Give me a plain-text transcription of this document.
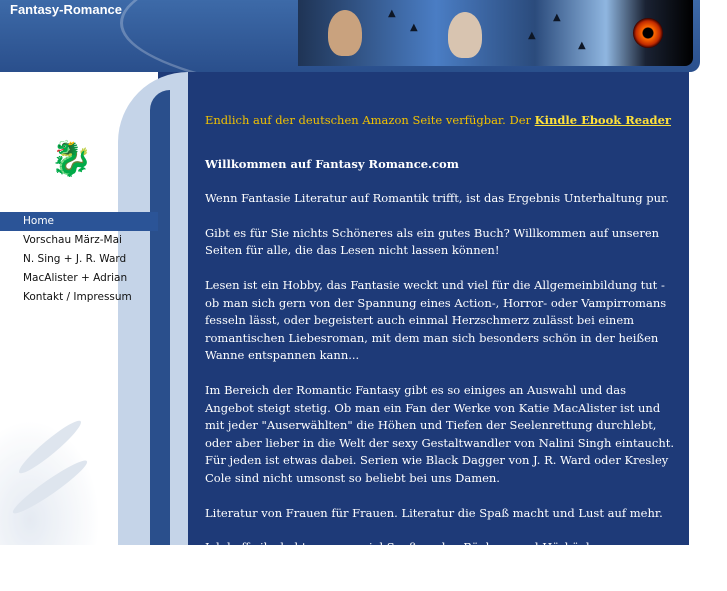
Fantasy-Romance	▲
▲
▲
▲
▲
🐉
Home
Vorschau März-Mai
N. Sing + J. R. Ward
MacAlister + Adrian
Kontakt / Impressum

Endlich auf der deutschen Amazon Seite verfügbar. Der Kindle Ebook Reader

Willkommen auf Fantasy Romance.com

Wenn Fantasie Literatur auf Romantik trifft, ist das Ergebnis Unterhaltung pur.

Gibt es für Sie nichts Schöneres als ein gutes Buch? Willkommen auf unseren Seiten für alle, die das Lesen nicht lassen können!

Lesen ist ein Hobby, das Fantasie weckt und viel für die Allgemeinbildung tut - ob man sich gern von der Spannung eines Action-, Horror- oder Vampirromans fesseln lässt, oder begeistert auch einmal Herzschmerz zulässt bei einem romantischen Liebesroman, mit dem man sich besonders schön in der heißen Wanne entspannen kann...

Im Bereich der Romantic Fantasy gibt es so einiges an Auswahl und das Angebot steigt stetig. Ob man ein Fan der Werke von Katie MacAlister ist und mit jeder "Auserwählten" die Höhen und Tiefen der Seelenrettung durchlebt, oder aber lieber in die Welt der sexy Gestaltwandler von Nalini Singh eintaucht. Für jeden ist etwas dabei. Serien wie Black Dagger von J. R. Ward oder Kresley Cole sind nicht umsonst so beliebt bei uns Damen.

Literatur von Frauen für Frauen. Literatur die Spaß macht und Lust auf mehr.

Ich hoffe ihr habt genauso viel Spaß an den Büchern und Hörbüchern zum Thema Fantasy-Romance wie ich.
